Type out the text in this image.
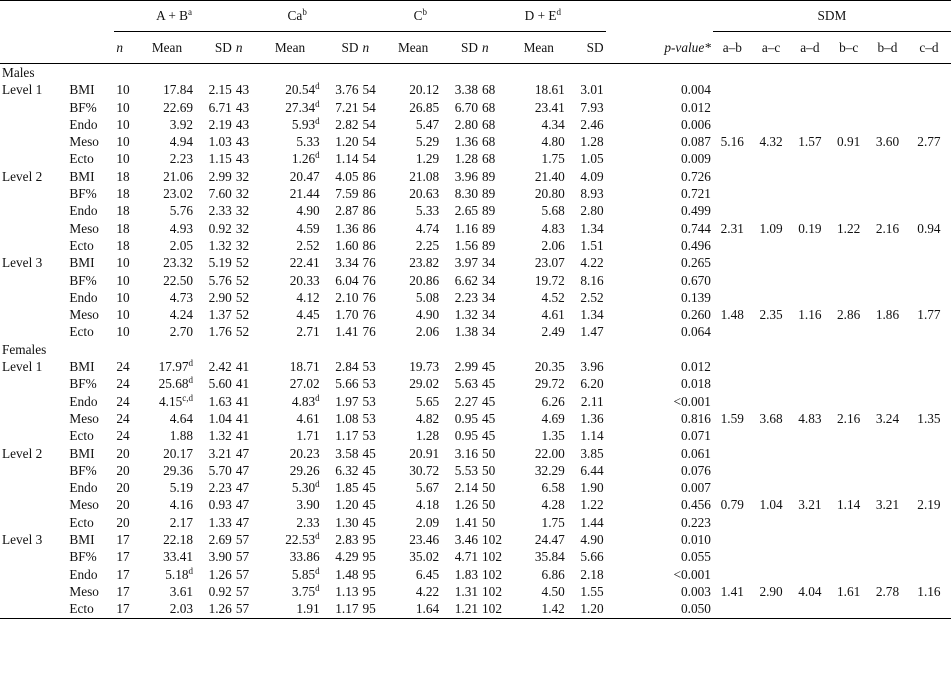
		$A + B^a$			Ca$^b$			$C^b$			$D + E^d$				SDM					
		n	Mean	SD	n	Mean	SD	n	Mean	SD	n	Mean	SD	p-value*	a–b	a–c	a–d	b–c	b–d	c–d
Males																				
Level 1	BMI	10	17.84	2.15	43	20.54$^d$	3.76	54	20.12	3.38	68	18.61	3.01	0.004						
	BF%	10	22.69	6.71	43	27.34$^d$	7.21	54	26.85	6.70	68	23.41	7.93	0.012						
	Endo	10	3.92	2.19	43	5.93$^d$	2.82	54	5.47	2.80	68	4.34	2.46	0.006						
	Meso	10	4.94	1.03	43	5.33	1.20	54	5.29	1.36	68	4.80	1.28	0.087	5.16	4.32	1.57	0.91	3.60	2.77
	Ecto	10	2.23	1.15	43	1.26$^d$	1.14	54	1.29	1.28	68	1.75	1.05	0.009						
Level 2	BMI	18	21.06	2.99	32	20.47	4.05	86	21.08	3.96	89	21.40	4.09	0.726						
	BF%	18	23.02	7.60	32	21.44	7.59	86	20.63	8.30	89	20.80	8.93	0.721						
	Endo	18	5.76	2.33	32	4.90	2.87	86	5.33	2.65	89	5.68	2.80	0.499						
	Meso	18	4.93	0.92	32	4.59	1.36	86	4.74	1.16	89	4.83	1.34	0.744	2.31	1.09	0.19	1.22	2.16	0.94
	Ecto	18	2.05	1.32	32	2.52	1.60	86	2.25	1.56	89	2.06	1.51	0.496						
Level 3	BMI	10	23.32	5.19	52	22.41	3.34	76	23.82	3.97	34	23.07	4.22	0.265						
	BF%	10	22.50	5.76	52	20.33	6.04	76	20.86	6.62	34	19.72	8.16	0.670						
	Endo	10	4.73	2.90	52	4.12	2.10	76	5.08	2.23	34	4.52	2.52	0.139						
	Meso	10	4.24	1.37	52	4.45	1.70	76	4.90	1.32	34	4.61	1.34	0.260	1.48	2.35	1.16	2.86	1.86	1.77
	Ecto	10	2.70	1.76	52	2.71	1.41	76	2.06	1.38	34	2.49	1.47	0.064						
Females																				
Level 1	BMI	24	17.97$^d$	2.42	41	18.71	2.84	53	19.73	2.99	45	20.35	3.96	0.012						
	BF%	24	25.68$^d$	5.60	41	27.02	5.66	53	29.02	5.63	45	29.72	6.20	0.018						
	Endo	24	4.15$^{c,d}$	1.63	41	4.83$^d$	1.97	53	5.65	2.27	45	6.26	2.11	<0.001						
	Meso	24	4.64	1.04	41	4.61	1.08	53	4.82	0.95	45	4.69	1.36	0.816	1.59	3.68	4.83	2.16	3.24	1.35
	Ecto	24	1.88	1.32	41	1.71	1.17	53	1.28	0.95	45	1.35	1.14	0.071						
Level 2	BMI	20	20.17	3.21	47	20.23	3.58	45	20.91	3.16	50	22.00	3.85	0.061						
	BF%	20	29.36	5.70	47	29.26	6.32	45	30.72	5.53	50	32.29	6.44	0.076						
	Endo	20	5.19	2.23	47	5.30$^d$	1.85	45	5.67	2.14	50	6.58	1.90	0.007						
	Meso	20	4.16	0.93	47	3.90	1.20	45	4.18	1.26	50	4.28	1.22	0.456	0.79	1.04	3.21	1.14	3.21	2.19
	Ecto	20	2.17	1.33	47	2.33	1.30	45	2.09	1.41	50	1.75	1.44	0.223						
Level 3	BMI	17	22.18	2.69	57	22.53$^d$	2.83	95	23.46	3.46	102	24.47	4.90	0.010						
	BF%	17	33.41	3.90	57	33.86	4.29	95	35.02	4.71	102	35.84	5.66	0.055						
	Endo	17	5.18$^d$	1.26	57	5.85$^d$	1.48	95	6.45	1.83	102	6.86	2.18	<0.001						
	Meso	17	3.61	0.92	57	3.75$^d$	1.13	95	4.22	1.31	102	4.50	1.55	0.003	1.41	2.90	4.04	1.61	2.78	1.16
	Ecto	17	2.03	1.26	57	1.91	1.17	95	1.64	1.21	102	1.42	1.20	0.050						
